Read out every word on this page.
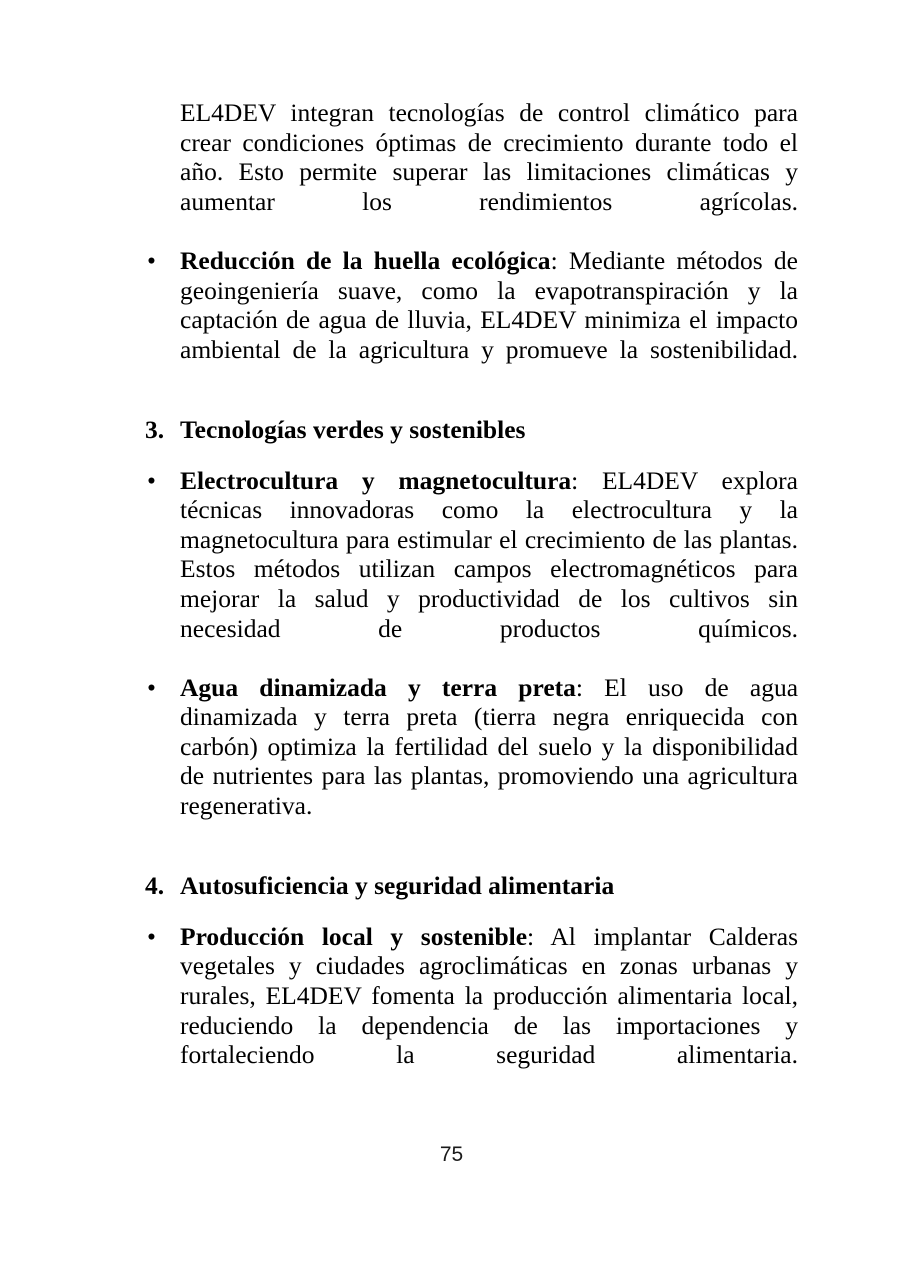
EL4DEV integran tecnologías de control climático para crear condiciones óptimas de crecimiento durante todo el año. Esto permite superar las limitaciones climáticas y aumentar los rendimientos agrícolas.

• Reducción de la huella ecológica: Mediante métodos de geoingeniería suave, como la evapotranspiración y la captación de agua de lluvia, EL4DEV minimiza el impacto ambiental de la agricultura y promueve la sostenibilidad.
3. Tecnologías verdes y sostenibles
• Electrocultura y magnetocultura: EL4DEV explora técnicas innovadoras como la electrocultura y la magnetocultura para estimular el crecimiento de las plantas. Estos métodos utilizan campos electromagnéticos para mejorar la salud y productividad de los cultivos sin necesidad de productos químicos.
• Agua dinamizada y terra preta: El uso de agua dinamizada y terra preta (tierra negra enriquecida con carbón) optimiza la fertilidad del suelo y la disponibilidad de nutrientes para las plantas, promoviendo una agricultura regenerativa.
4. Autosuficiencia y seguridad alimentaria
• Producción local y sostenible: Al implantar Calderas vegetales y ciudades agroclimáticas en zonas urbanas y rurales, EL4DEV fomenta la producción alimentaria local, reduciendo la dependencia de las importaciones y fortaleciendo la seguridad alimentaria.
75
